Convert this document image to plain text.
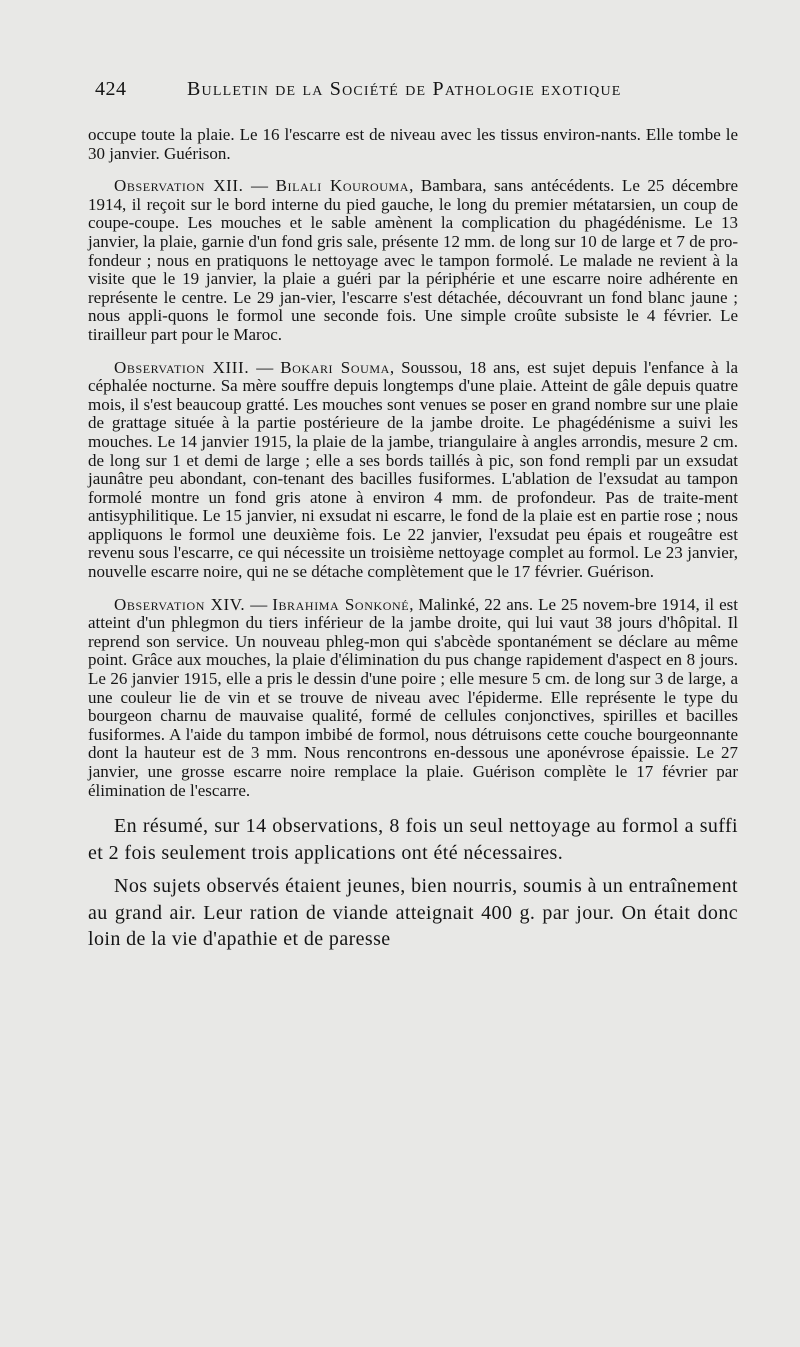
424	Bulletin de la Société de Pathologie exotique

occupe toute la plaie. Le 16 l'escarre est de niveau avec les tissus environ-nants. Elle tombe le 30 janvier. Guérison.

Observation XII. — Bilali Kourouma, Bambara, sans antécédents. Le 25 décembre 1914, il reçoit sur le bord interne du pied gauche, le long du premier métatarsien, un coup de coupe-coupe. Les mouches et le sable amènent la complication du phagédénisme. Le 13 janvier, la plaie, garnie d'un fond gris sale, présente 12 mm. de long sur 10 de large et 7 de pro-fondeur ; nous en pratiquons le nettoyage avec le tampon formolé. Le malade ne revient à la visite que le 19 janvier, la plaie a guéri par la périphérie et une escarre noire adhérente en représente le centre. Le 29 jan-vier, l'escarre s'est détachée, découvrant un fond blanc jaune ; nous appli-quons le formol une seconde fois. Une simple croûte subsiste le 4 février. Le tirailleur part pour le Maroc.

Observation XIII. — Bokari Souma, Soussou, 18 ans, est sujet depuis l'enfance à la céphalée nocturne. Sa mère souffre depuis longtemps d'une plaie. Atteint de gâle depuis quatre mois, il s'est beaucoup gratté. Les mouches sont venues se poser en grand nombre sur une plaie de grattage située à la partie postérieure de la jambe droite. Le phagédénisme a suivi les mouches. Le 14 janvier 1915, la plaie de la jambe, triangulaire à angles arrondis, mesure 2 cm. de long sur 1 et demi de large ; elle a ses bords taillés à pic, son fond rempli par un exsudat jaunâtre peu abondant, con-tenant des bacilles fusiformes. L'ablation de l'exsudat au tampon formolé montre un fond gris atone à environ 4 mm. de profondeur. Pas de traite-ment antisyphilitique. Le 15 janvier, ni exsudat ni escarre, le fond de la plaie est en partie rose ; nous appliquons le formol une deuxième fois. Le 22 janvier, l'exsudat peu épais et rougeâtre est revenu sous l'escarre, ce qui nécessite un troisième nettoyage complet au formol. Le 23 janvier, nouvelle escarre noire, qui ne se détache complètement que le 17 février. Guérison.

Observation XIV. — Ibrahima Sonkoné, Malinké, 22 ans. Le 25 novem-bre 1914, il est atteint d'un phlegmon du tiers inférieur de la jambe droite, qui lui vaut 38 jours d'hôpital. Il reprend son service. Un nouveau phleg-mon qui s'abcède spontanément se déclare au même point. Grâce aux mouches, la plaie d'élimination du pus change rapidement d'aspect en 8 jours. Le 26 janvier 1915, elle a pris le dessin d'une poire ; elle mesure 5 cm. de long sur 3 de large, a une couleur lie de vin et se trouve de niveau avec l'épiderme. Elle représente le type du bourgeon charnu de mauvaise qualité, formé de cellules conjonctives, spirilles et bacilles fusiformes. A l'aide du tampon imbibé de formol, nous détruisons cette couche bourgeonnante dont la hauteur est de 3 mm. Nous rencontrons en-dessous une aponévrose épaissie. Le 27 janvier, une grosse escarre noire remplace la plaie. Guérison complète le 17 février par élimination de l'escarre.

En résumé, sur 14 observations, 8 fois un seul nettoyage au formol a suffi et 2 fois seulement trois applications ont été nécessaires.

Nos sujets observés étaient jeunes, bien nourris, soumis à un entraînement au grand air. Leur ration de viande atteignait 400 g. par jour. On était donc loin de la vie d'apathie et de paresse
